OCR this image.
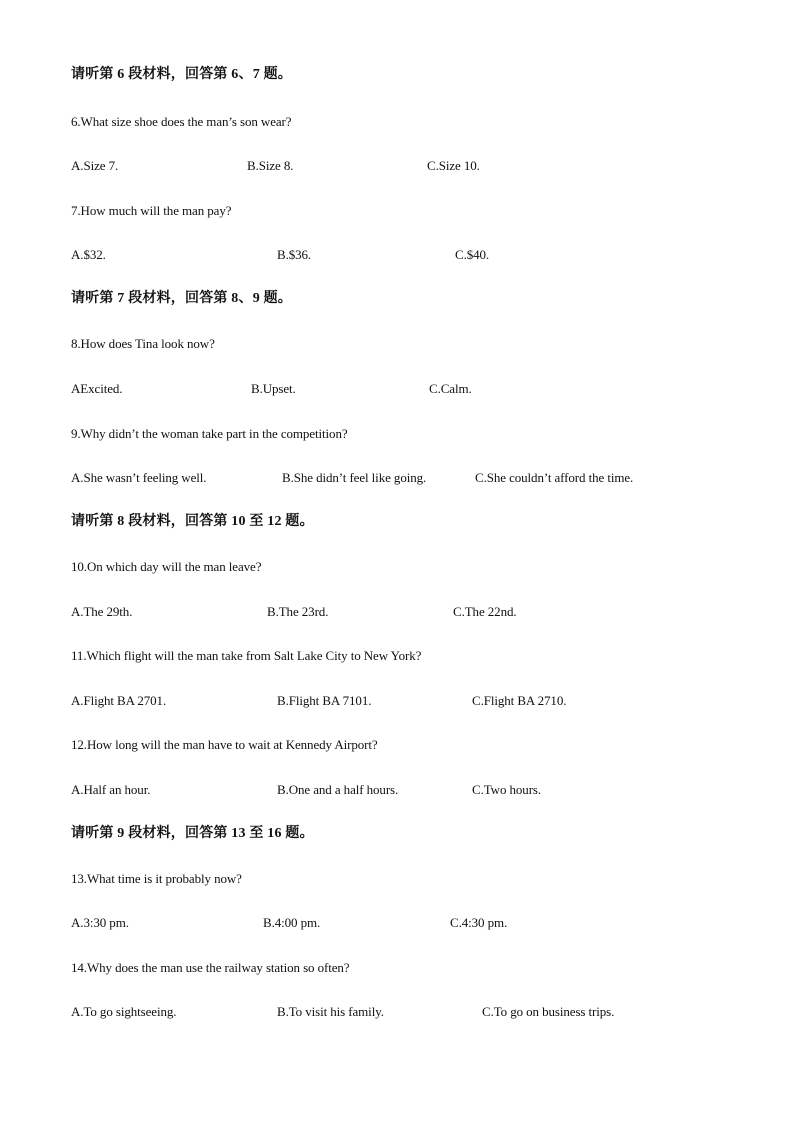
请听第 6 段材料，回答第 6、7 题。
6.What size shoe does the man’s son wear?
A.Size 7.	B.Size 8.	C.Size 10.
7.How much will the man pay?
A.$32.	B.$36.	C.$40.
请听第 7 段材料，回答第 8、9 题。
8.How does Tina look now?
AExcited.	B.Upset.	C.Calm.
9.Why didn’t the woman take part in the competition?
A.She wasn’t feeling well.	B.She didn’t feel like going.	C.She couldn’t afford the time.
请听第 8 段材料，回答第 10 至 12 题。
10.On which day will the man leave?
A.The 29th.	B.The 23rd.	C.The 22nd.
11.Which flight will the man take from Salt Lake City to New York?
A.Flight BA 2701.	B.Flight BA 7101.	C.Flight BA 2710.
12.How long will the man have to wait at Kennedy Airport?
A.Half an hour.	B.One and a half hours.	C.Two hours.
请听第 9 段材料，回答第 13 至 16 题。
13.What time is it probably now?
A.3:30 pm.	B.4:00 pm.	C.4:30 pm.
14.Why does the man use the railway station so often?
A.To go sightseeing.	B.To visit his family.	C.To go on business trips.
